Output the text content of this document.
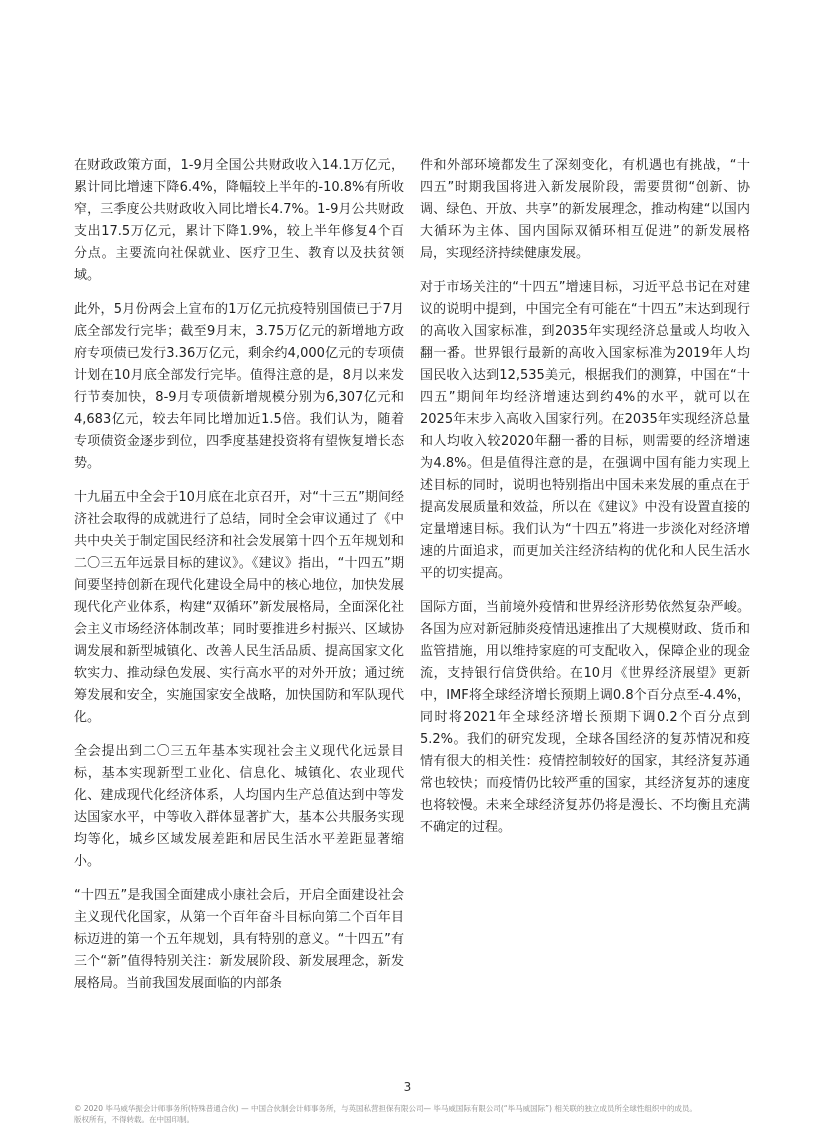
在财政政策方面，1-9月全国公共财政收入14.1万亿元，累计同比增速下降6.4%，降幅较上半年的-10.8%有所收窄，三季度公共财政收入同比增长4.7%。1-9月公共财政支出17.5万亿元，累计下降1.9%，较上半年修复4个百分点。主要流向社保就业、医疗卫生、教育以及扶贫领域。

此外，5月份两会上宣布的1万亿元抗疫特别国债已于7月底全部发行完毕；截至9月末，3.75万亿元的新增地方政府专项债已发行3.36万亿元，剩余约4,000亿元的专项债计划在10月底全部发行完毕。值得注意的是，8月以来发行节奏加快，8-9月专项债新增规模分别为6,307亿元和4,683亿元，较去年同比增加近1.5倍。我们认为，随着专项债资金逐步到位，四季度基建投资将有望恢复增长态势。

十九届五中全会于10月底在北京召开，对“十三五”期间经济社会取得的成就进行了总结，同时全会审议通过了《中共中央关于制定国民经济和社会发展第十四个五年规划和二〇三五年远景目标的建议》。《建议》指出，“十四五”期间要坚持创新在现代化建设全局中的核心地位，加快发展现代化产业体系，构建“双循环”新发展格局，全面深化社会主义市场经济体制改革；同时要推进乡村振兴、区域协调发展和新型城镇化、改善人民生活品质、提高国家文化软实力、推动绿色发展、实行高水平的对外开放；通过统筹发展和安全，实施国家安全战略，加快国防和军队现代化。

全会提出到二〇三五年基本实现社会主义现代化远景目标，基本实现新型工业化、信息化、城镇化、农业现代化、建成现代化经济体系，人均国内生产总值达到中等发达国家水平，中等收入群体显著扩大，基本公共服务实现均等化，城乡区域发展差距和居民生活水平差距显著缩小。

“十四五”是我国全面建成小康社会后，开启全面建设社会主义现代化国家，从第一个百年奋斗目标向第二个百年目标迈进的第一个五年规划，具有特别的意义。“十四五”有三个“新”值得特别关注：新发展阶段、新发展理念，新发展格局。当前我国发展面临的内部条

件和外部环境都发生了深刻变化，有机遇也有挑战，“十四五”时期我国将进入新发展阶段，需要贯彻“创新、协调、绿色、开放、共享”的新发展理念，推动构建“以国内大循环为主体、国内国际双循环相互促进”的新发展格局，实现经济持续健康发展。

对于市场关注的“十四五”增速目标，习近平总书记在对建议的说明中提到，中国完全有可能在“十四五”末达到现行的高收入国家标准，到2035年实现经济总量或人均收入翻一番。世界银行最新的高收入国家标准为2019年人均国民收入达到12,535美元，根据我们的测算，中国在“十四五”期间年均经济增速达到约4%的水平，就可以在2025年末步入高收入国家行列。在2035年实现经济总量和人均收入较2020年翻一番的目标，则需要的经济增速为4.8%。但是值得注意的是，在强调中国有能力实现上述目标的同时，说明也特别指出中国未来发展的重点在于提高发展质量和效益，所以在《建议》中没有设置直接的定量增速目标。我们认为“十四五”将进一步淡化对经济增速的片面追求，而更加关注经济结构的优化和人民生活水平的切实提高。

国际方面，当前境外疫情和世界经济形势依然复杂严峻。各国为应对新冠肺炎疫情迅速推出了大规模财政、货币和监管措施，用以维持家庭的可支配收入，保障企业的现金流，支持银行信贷供给。在10月《世界经济展望》更新中，IMF将全球经济增长预期上调0.8个百分点至-4.4%，同时将2021年全球经济增长预期下调0.2个百分点到5.2%。我们的研究发现，全球各国经济的复苏情况和疫情有很大的相关性：疫情控制较好的国家，其经济复苏通常也较快；而疫情仍比较严重的国家，其经济复苏的速度也将较慢。未来全球经济复苏仍将是漫长、不均衡且充满不确定的过程。

3
© 2020 毕马威华振会计师事务所(特殊普通合伙) — 中国合伙制会计师事务所，与英国私营担保有限公司— 毕马威国际有限公司(“毕马威国际”) 相关联的独立成员所全球性组织中的成员。
版权所有，不得转载。在中国印制。
